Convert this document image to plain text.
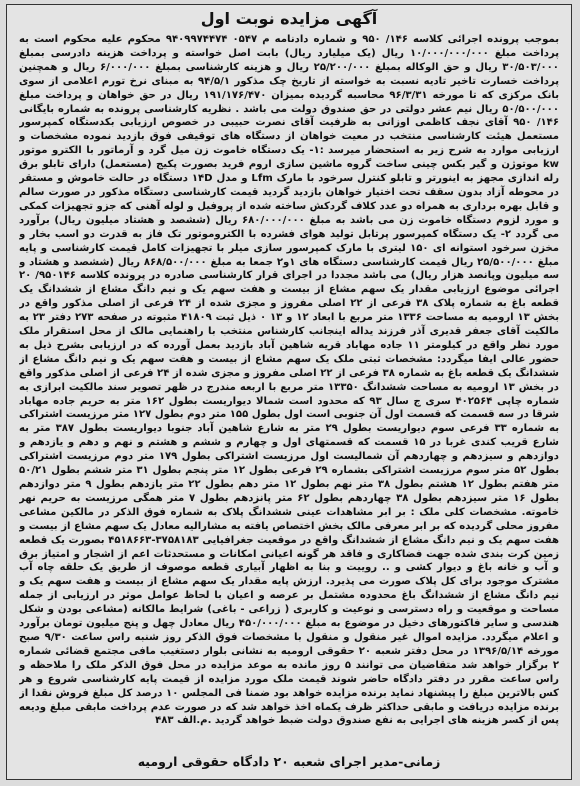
آگهی مزایده نوبت اول
بموجب پرونده اجرائی کلاسه ۱۴۶/ ۹۵۰ و شماره دادنامه م ۰۵۴۷ ۹۴۰۹۹۷۴۴۷۴ محکوم علیه محکوم است به پرداخت مبلغ ۱۰/۰۰۰/۰۰۰/۰۰۰ ریال (یک میلیارد ریال) بابت اصل خواسته و پرداخت هزینه دادرسی بمبلغ ۳۰/۵۰۳/۰۰۰ ریال و حق الوکاله بمبلغ ۲۵/۲۰۰/۰۰۰ ریال و هزینه کارشناسی بمبلغ ۶/۰۰۰/۰۰۰ ریال و همچنین پرداخت خسارت تاخیر تادیه نسبت به خواسته از تاریخ چک مذکور ۹۴/۵/۱ به مبنای نرخ تورم اعلامی از سوی بانک مرکزی که تا مورخه ۹۶/۳/۳۱ محاسبه گردیده بمیزان ۱۹۱/۱۷۶/۴۷۰ ریال در حق خواهان و پرداخت مبلغ ۵۰/۵۰۰/۰۰۰ ریال نیم عشر دولتی در حق صندوق دولت می باشد . نظریه کارشناسی پرونده به شماره بایگانی ۱۴۶/ ۹۵۰ آقای نجف کاظمی اوزانی به ظرفیت آقای نصرت حبیبی در خصوص ارزیابی بکدستگاه کمپرسور مستعمل هیئت کارشناسی منتخب در معیت خواهان از دستگاه های توقیفی فوق بازدید نموده مشخصات و ارزیابی موارد به شرح زیر به استحضار میرسد :۱- یک دستگاه خاموت زن میل گرد و آرماتور با الکترو موتور kw موتوژن و گیر بکس چینی ساخت گروه ماشین سازی اروم فرید بصورت پکیج (مستعمل) دارای تابلو برق رله اندازی مجهز به اینورتر و تابلو کنترل سرخود با مارک Lfm و مدل ۱۴D دستگاه در حالت خاموش و مستقر در محوطه آزاد بدون سقف تحت اختیار خواهان بازدید گردید قیمت کارشناسی دستگاه مذکور در صورت سالم و قابل بهره برداری به همراه دو عدد کلاف گردکش ساخته شده از پروفیل و لوله آهنی که جزو تجهیزات کمکی و مورد لزوم دستگاه خاموت زن می باشد به مبلغ ۶۸۰/۰۰۰/۰۰۰ ریال (ششصد و هشتاد میلیون ریال) برآورد می گردد ۲- یک دستگاه کمپرسور پرتابل تولید هوای فشرده با الکتروموتور تک فاز به قدرت دو اسب بخار و مخزن سرخود استوانه ای ۱۵۰ لیتری با مارک کمپرسور سازی میلر با تجهیزات کامل قیمت کارشناسی و پایه مبلغ ۲۵/۵۰۰/۰۰۰ ریال قیمت کارشناسی دستگاه های ۱و۲ جمعا به مبلغ ۸۶۸/۵۰۰/۰۰۰ ریال (ششصد و هشتاد و سه میلیون وپانصد هزار ریال) می باشد مجددا در اجرای قرار کارشناسی صادره در پرونده کلاسه ۹۵۰۱۴۶/ ۲۰ اجرائی موضوع ارزیابی مقدار یک سهم مشاع از بیست و هفت سهم یک و نیم دانگ مشاع از ششدانگ یک قطعه باغ به شماره پلاک ۳۸ فرعی از ۲۲ اصلی مفروز و مجزی شده از ۲۴ فرعی از اصلی مذکور واقع در بخش ۱۳ ارومیه به مساحت ۱۳۳۶ متر مربع با ابعاد ۱۲ و ۱۳ ۰ ذیل ثبت ۴۱۸۰۹ مثبوته در صفحه ۲۷۳ دفتر ۲۳ به مالکیت آقای جعفر قدیری آذر فرزند یداله اینجانب کارشناس منتخب با راهنمایی مالک از محل استقرار ملک مورد نظر واقع در کیلومتر ۱۱ جاده مهاباد قریه شاهین آباد بازدید بعمل آورده که در ارزیابی بشرح ذیل به حضور عالی ایفا میگردد: مشخصات ثبتی ملک یک سهم مشاع از بیست و هفت سهم یک و نیم دانگ مشاع از ششدانگ یک قطعه باغ به شماره ۳۸ فرعی از ۲۲ اصلی مفروز و مجزی شده از ۲۴ فرعی از اصلی مذکور واقع در بخش ۱۳ ارومیه به مساحت ششدانگ ۱۳۳۵۰ متر مربع با اربعه مندرج در ظهر تصویر سند مالکیت ابرازی به شماره چاپی ۴۰۲۵۶۴ سری ج سال ۹۳ که محدود است شمالا دیواریست بطول ۱۶۲ متر به حریم جاده مهاباد شرقا در سه قسمت که قسمت اول آن جنوبی است اول بطول ۱۵۵ متر دوم بطول ۱۲۷ متر مرزیست اشتراکی به شماره ۳۳ فرعی سوم دیواریست بطول ۲۹ متر به شارع شاهین آباد جنوبا دیواریست بطول ۳۸۷ متر به شارع قریب کندی غربا در ۱۵ قسمت که قسمتهای اول و چهارم و ششم و هشتم و نهم و دهم و یازدهم و دوازدهم و سیزدهم و چهاردهم آن شمالیست اول مرزیست اشتراکی بطول ۱۷۹ متر دوم مرزیست اشتراکی بطول ۵۲ متر سوم مرزیست اشتراکی بشماره ۲۹ فرعی بطول ۱۲ متر پنجم بطول ۳۱ متر ششم بطول ۵۰/۲۱ متر هفتم بطول ۱۲ هشتم بطول ۳۸ متر نهم بطول ۱۲ متر دهم بطول ۲۲ متر یازدهم بطول ۹ متر دوازدهم بطول ۱۶ متر سیزدهم بطول ۳۸ چهاردهم بطول ۶۲ متر پانزدهم بطول ۷ متر همگی مرزیست به حریم نهر خاموته. مشخصات کلی ملک : بر ابر مشاهدات عینی ششدانگ پلاک به شماره فوق الذکر در مالکین مشاعی مفروز محلی گردیده که بر ابر معرفی مالک بخش اختصاص یافته به مشارالیه معادل یک سهم مشاع از بیست و هفت سهم یک و نیم دانگ مشاع از ششدانگ واقع در موقعیت جغرافیایی ۳۷۵۸۱۸۳-۴۵۱۸۶۶۳ بصورت یک قطعه زمین کرت بندی شده جهت فضاکاری و فاقد هر گونه اعیانی امکانات و مستحدثات اعم از اشجار و امتیاز برق و آب و خانه باغ و دیوار کشی و .. روییت و بنا به اظهار آبیاری قطعه موصوف از طریق یک حلقه چاه آب مشترک موجود برای کل پلاک صورت می پذیرد. ارزش پایه مقدار یک سهم مشاع از بیست و هفت سهم یک و نیم دانگ مشاع از ششدانگ باغ محدوده مشتمل بر عرصه و اعیان با لحاظ عوامل موثر در ارزیابی از جمله مساحت و موقعیت و راه دسترسی و نوعیت و کاربری ( زراعی - باغی) شرایط مالکانه (مشاعی بودن و شکل هندسی و سایر فاکتورهای دخیل در موضوع به مبلغ ۴۵۰/۰۰۰/۰۰۰ ریال معادل چهل و پنج میلیون تومان برآورد و اعلام میگردد. مزایده اموال غیر منقول و منقول با مشخصات فوق الذکر روز شنبه راس ساعت ۹/۳۰ صبح مورخه ۱۳۹۶/۵/۱۴ در محل دفتر شعبه ۲۰ حقوقی ارومیه به نشانی بلوار دستغیب مافی مجتمع قضائی شماره ۲ برگزار خواهد شد متقاضیان می توانند ۵ روز مانده به موعد مزایده در محل فوق الذکر ملک را ملاحظه و راس ساعت مقرر در دفتر دادگاه حاضر شوند قیمت ملک مورد مزایده از قیمت پایه کارشناسی شروع و هر کس بالاترین مبلغ را پیشنهاد نماید برنده مزایده خواهد بود ضمنا فی المجلس ۱۰ درصد کل مبلغ فروش نقدا از برنده مزایده دریافت و مابقی حداکثر ظرف یکماه اخذ خواهد شد که در صورت عدم پرداخت مابقی مبلغ ودیعه پس از کسر هزینه های اجرایی به نفع صندوق دولت ضبط خواهد گردید .م.الف ۴۸۳
زمانی-مدیر اجرای شعبه ۲۰ دادگاه حقوقی ارومیه
